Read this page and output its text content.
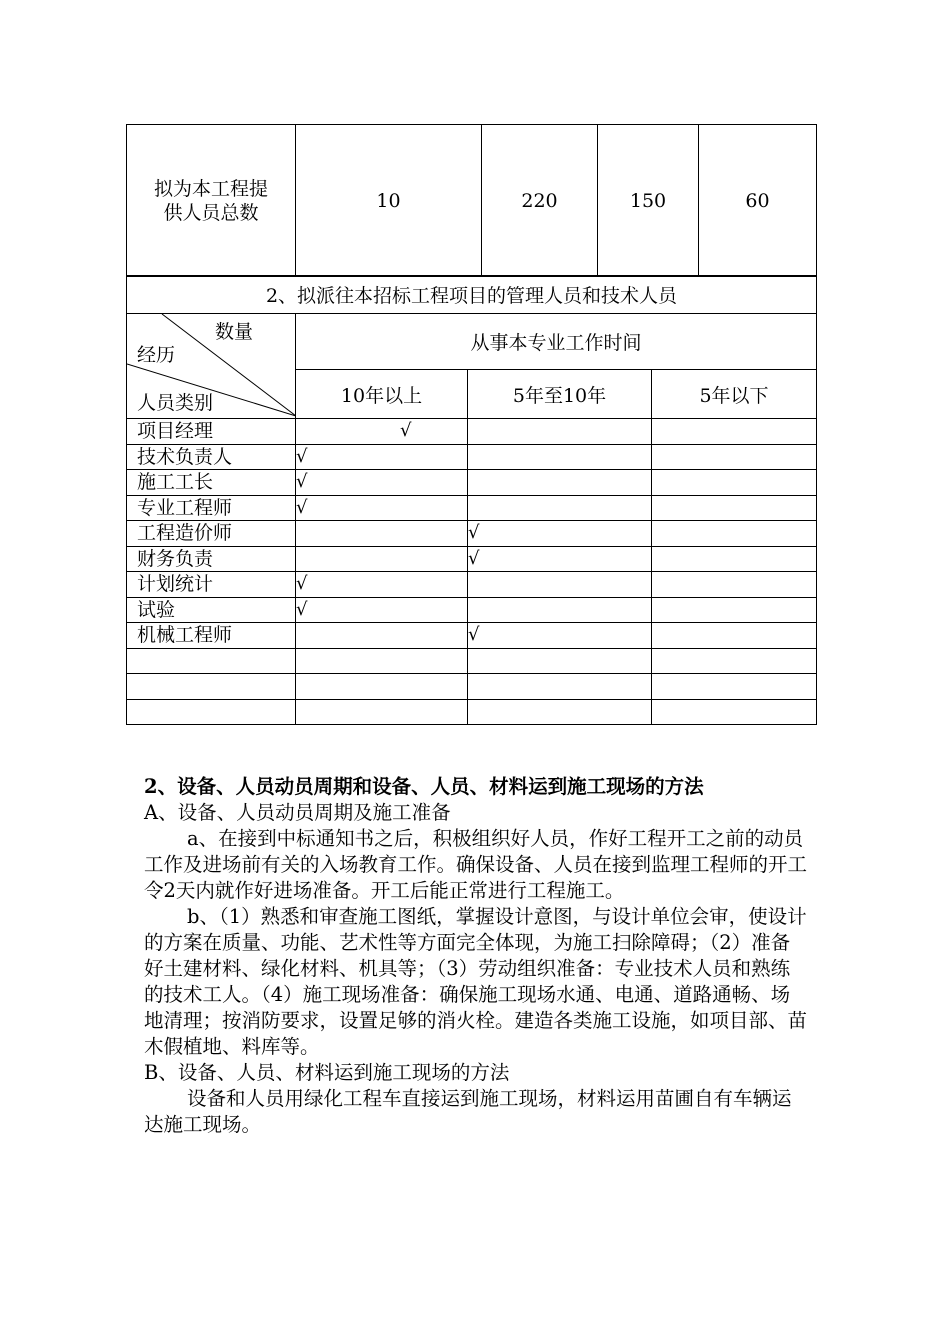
拟为本工程提供人员总数	10	220	150	60
2、拟派往本招标工程项目的管理人员和技术人员			

数量
经历
人员类别	从事本专业工作时间		
	10年以上	5年至10年	5年以下
项目经理	√		
技术负责人	√		
施工工长	√		
专业工程师	√		
工程造价师		√	
财务负责		√	
计划统计	√		
试验	√		
机械工程师		√	

2、设备、人员动员周期和设备、人员、材料运到施工现场的方法

A、设备、人员动员周期及施工准备

a、在接到中标通知书之后，积极组织好人员，作好工程开工之前的动员工作及进场前有关的入场教育工作。确保设备、人员在接到监理工程师的开工令2天内就作好进场准备。开工后能正常进行工程施工。

b、（1）熟悉和审查施工图纸，掌握设计意图，与设计单位会审，使设计的方案在质量、功能、艺术性等方面完全体现，为施工扫除障碍；（2）准备好土建材料、绿化材料、机具等；（3）劳动组织准备：专业技术人员和熟练的技术工人。（4）施工现场准备：确保施工现场水通、电通、道路通畅、场地清理；按消防要求，设置足够的消火栓。建造各类施工设施，如项目部、苗木假植地、料库等。

B、设备、人员、材料运到施工现场的方法

设备和人员用绿化工程车直接运到施工现场，材料运用苗圃自有车辆运达施工现场。
